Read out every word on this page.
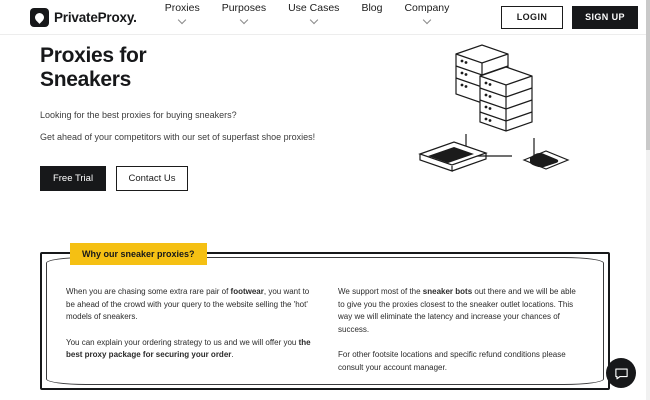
PrivateProxy.
Proxies Purposes Use Cases Blog Company
LOGIN	SIGN UP
Proxies for
Sneakers

Looking for the best proxies for buying sneakers?

Get ahead of your competitors with our set of superfast shoe proxies!

Free Trial	Contact Us
Why our sneaker proxies?

When you are chasing some extra rare pair of footwear, you want to be ahead of the crowd with your query to the website selling the 'hot' models of sneakers.

You can explain your ordering strategy to us and we will offer you the best proxy package for securing your order.

We support most of the sneaker bots out there and we will be able to give you the proxies closest to the sneaker outlet locations. This way we will eliminate the latency and increase your chances of success.

For other footsite locations and specific refund conditions please consult your account manager.
